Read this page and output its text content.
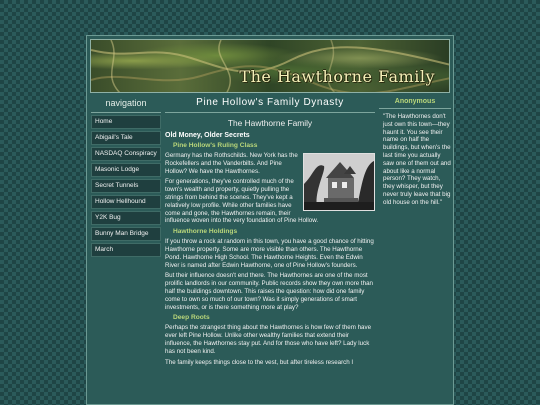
The Hawthorne Family
navigation
Home
Abigail's Tale
NASDAQ Conspiracy
Masonic Lodge
Secret Tunnels
Hollow Hellhound
Y2K Bug
Bunny Man Bridge
March
Pine Hollow's Family Dynasty
The Hawthorne Family
Old Money, Older Secrets
Pine Hollow's Ruling Class
Germany has the Rothschilds. New York has the Rockefellers and the Vanderbilts. And Pine Hollow? We have the Hawthornes.
For generations, they've controlled much of the town's wealth and property, quietly pulling the strings from behind the scenes. They've kept a relatively low profile. While other families have come and gone, the Hawthornes remain, their influence woven into the very foundation of Pine Hollow.
Hawthorne Holdings
If you throw a rock at random in this town, you have a good chance of hitting Hawthorne property. Some are more visible than others. The Hawthorne Pond. Hawthorne High School. The Hawthorne Heights. Even the Edwin River is named after Edwin Hawthorne, one of Pine Hollow's founders.
But their influence doesn't end there. The Hawthornes are one of the most prolific landlords in our community. Public records show they own more than half the buildings downtown. This raises the question: how did one family come to own so much of our town? Was it simply generations of smart investments, or is there something more at play?
Deep Roots
Perhaps the strangest thing about the Hawthornes is how few of them have ever left Pine Hollow. Unlike other wealthy families that extend their influence, the Hawthornes stay put. And for those who have left? Lady luck has not been kind.
The family keeps things close to the vest, but after tireless research I
Anonymous
"The Hawthornes don't just own this town—they haunt it. You see their name on half the buildings, but when's the last time you actually saw one of them out and about like a normal person? They watch, they whisper, but they never truly leave that big old house on the hill."
